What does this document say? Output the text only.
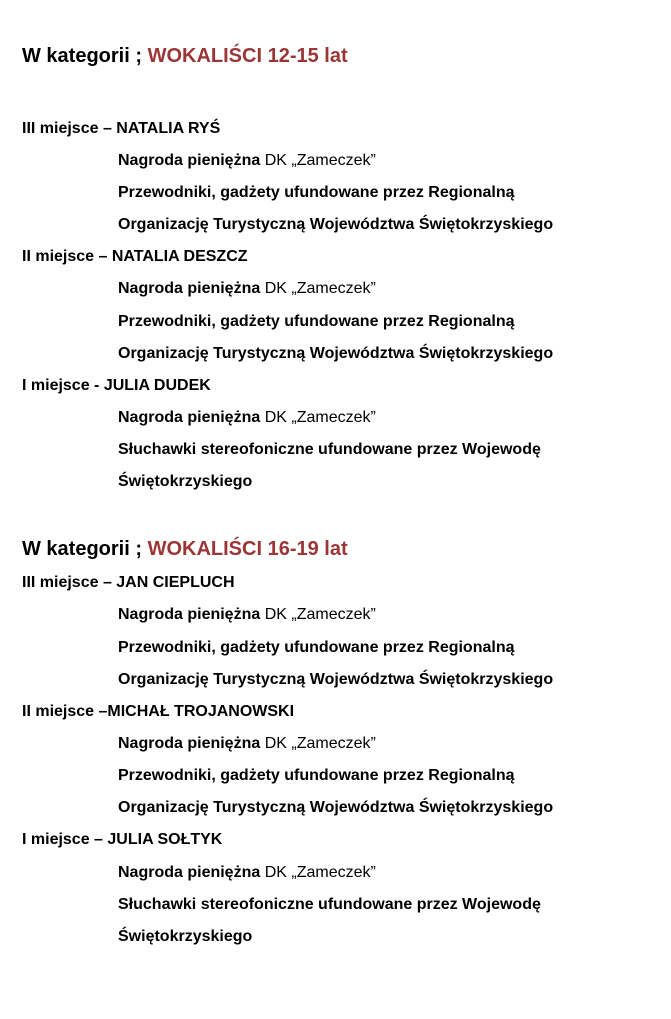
W kategorii ; WOKALIŚCI 12-15 lat
III miejsce – NATALIA RYŚ
Nagroda pieniężna DK „Zameczek”
Przewodniki, gadżety ufundowane przez Regionalną
Organizację Turystyczną Województwa Świętokrzyskiego
II miejsce – NATALIA DESZCZ
Nagroda pieniężna DK „Zameczek”
Przewodniki, gadżety ufundowane przez Regionalną
Organizację Turystyczną Województwa Świętokrzyskiego
I miejsce - JULIA DUDEK
Nagroda pieniężna DK „Zameczek”
Słuchawki stereofoniczne ufundowane przez Wojewodę
Świętokrzyskiego
W kategorii ; WOKALIŚCI 16-19 lat
III miejsce – JAN CIEPLUCH
Nagroda pieniężna DK „Zameczek”
Przewodniki, gadżety ufundowane przez Regionalną
Organizację Turystyczną Województwa Świętokrzyskiego
II miejsce –MICHAŁ TROJANOWSKI
Nagroda pieniężna DK „Zameczek”
Przewodniki, gadżety ufundowane przez Regionalną
Organizację Turystyczną Województwa Świętokrzyskiego
I miejsce – JULIA SOŁTYK
Nagroda pieniężna DK „Zameczek”
Słuchawki stereofoniczne ufundowane przez Wojewodę
Świętokrzyskiego
